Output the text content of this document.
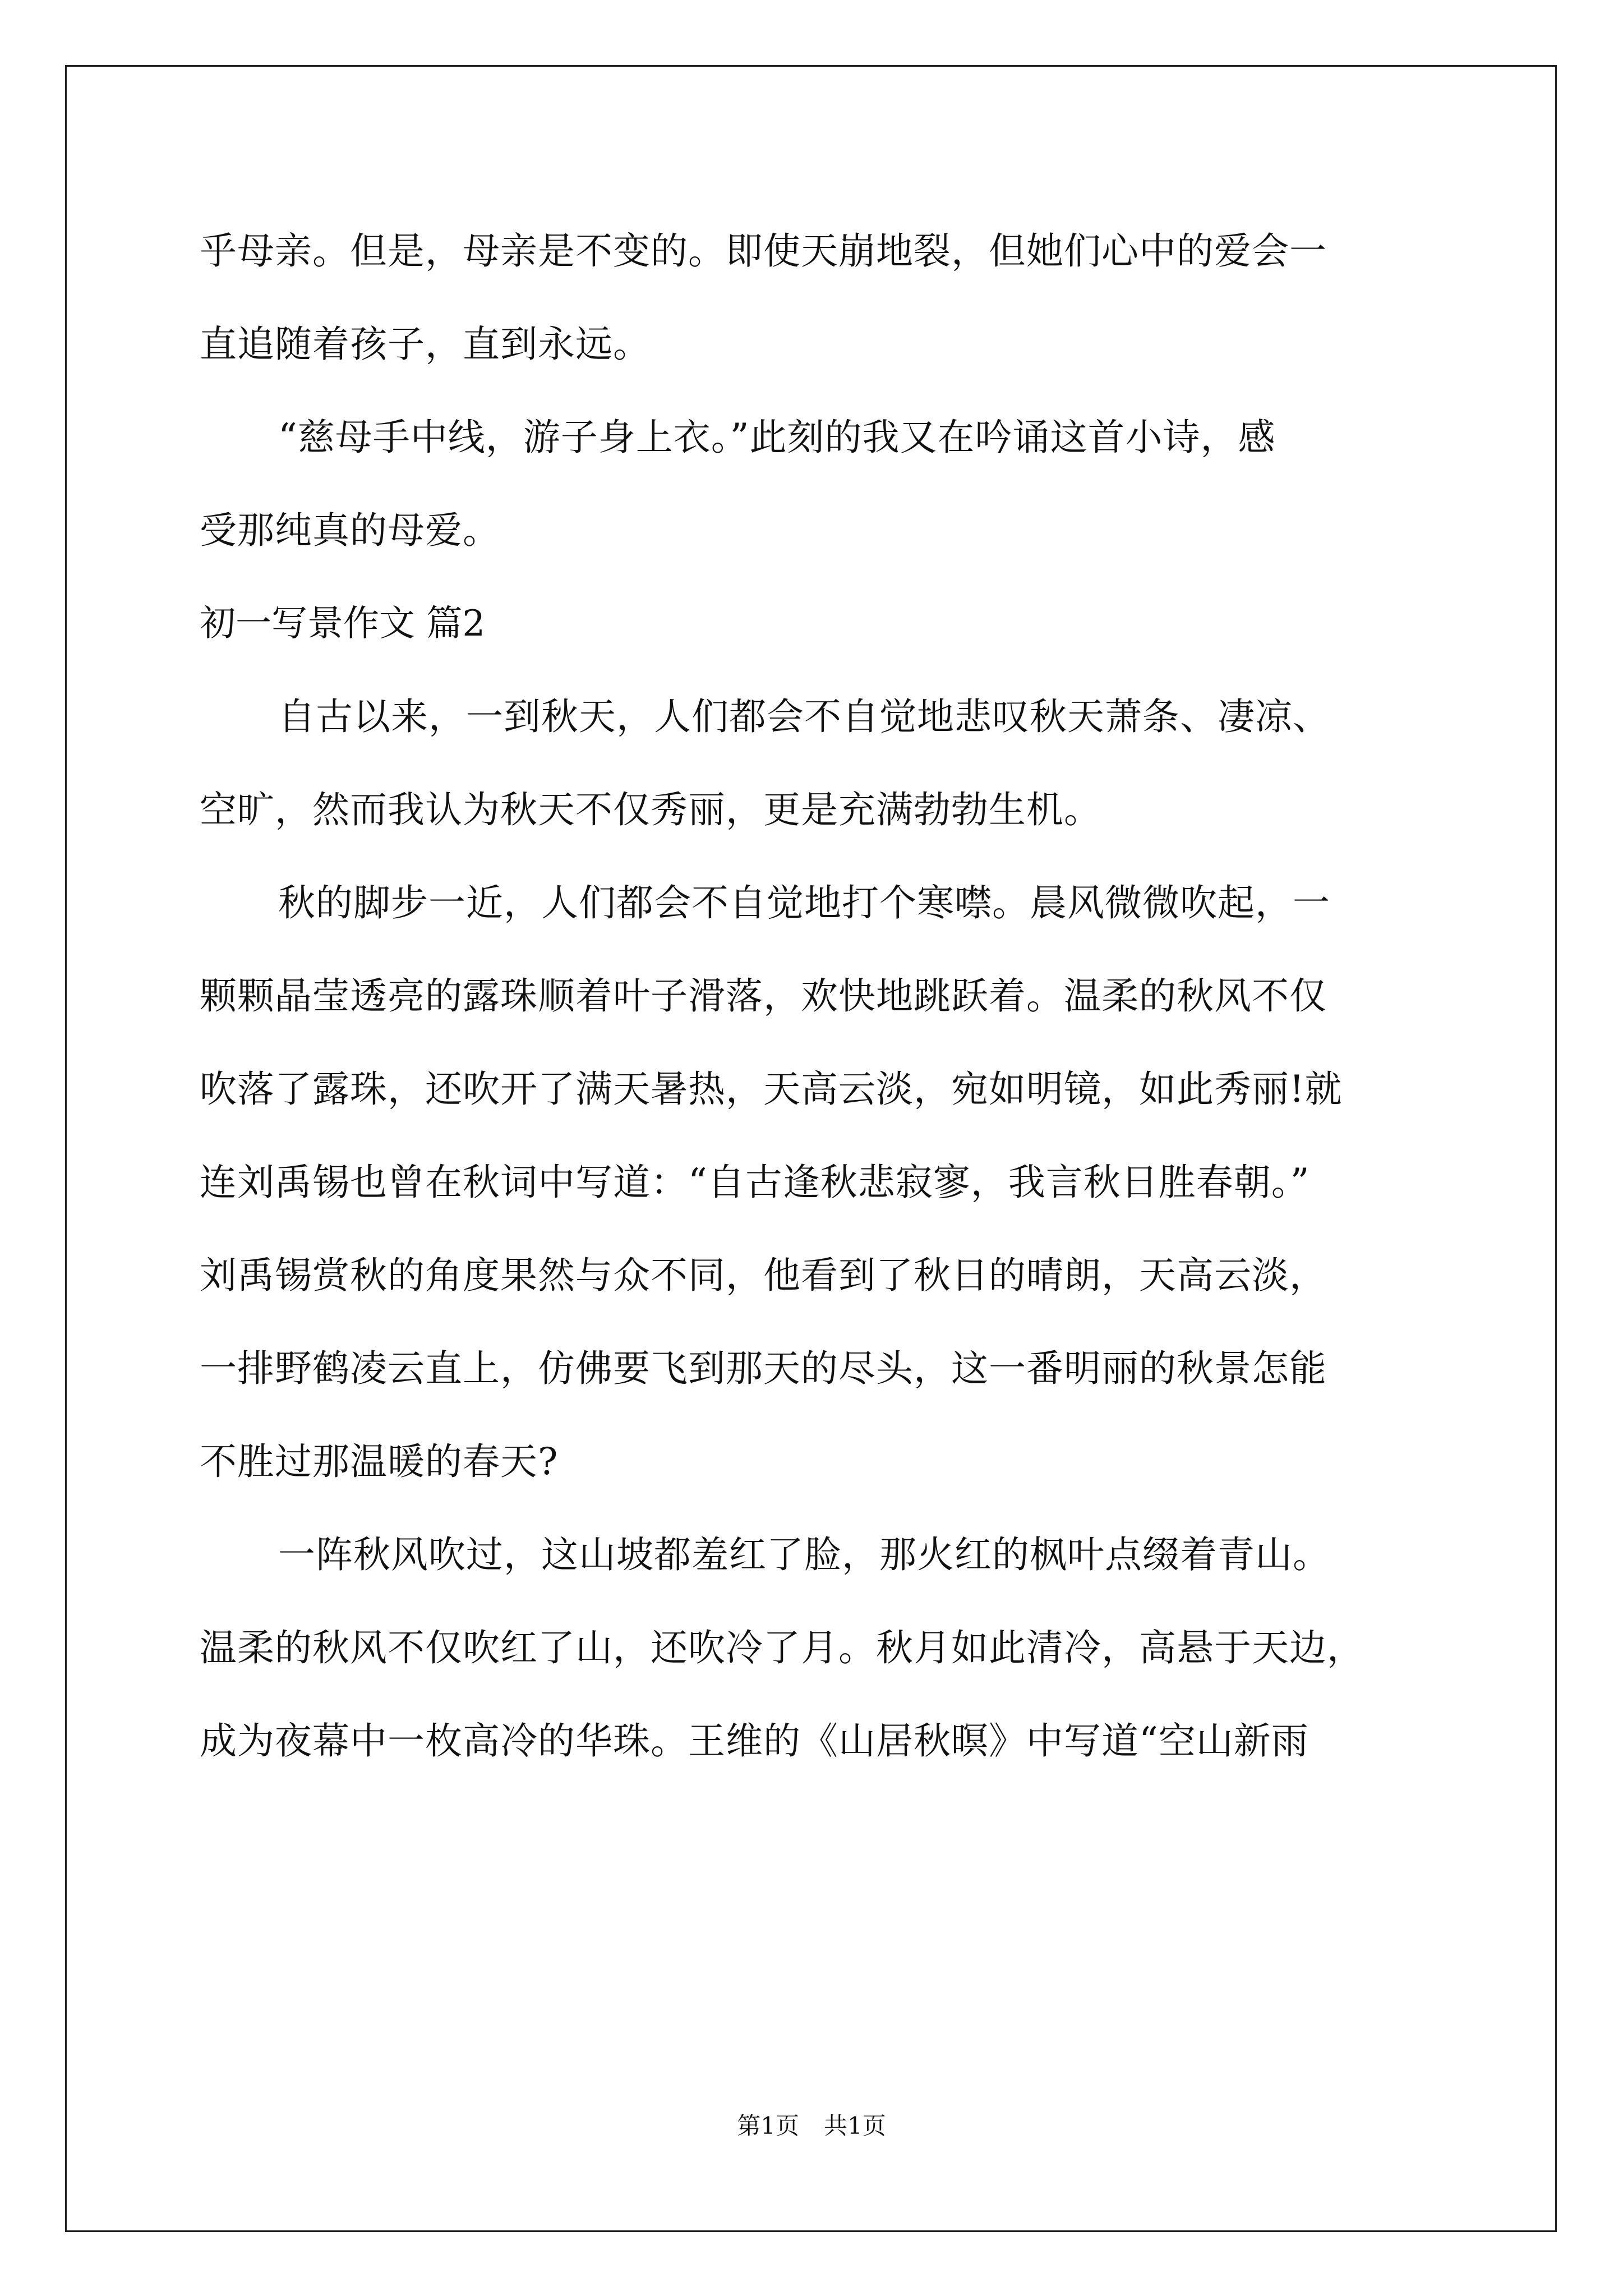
乎母亲。但是，母亲是不变的。即使天崩地裂，但她们心中的爱会一
直追随着孩子，直到永远。
“慈母手中线，游子身上衣。”此刻的我又在吟诵这首小诗，感
受那纯真的母爱。
初一写景作文 篇2
自古以来，一到秋天，人们都会不自觉地悲叹秋天萧条、凄凉、
空旷，然而我认为秋天不仅秀丽，更是充满勃勃生机。
秋的脚步一近，人们都会不自觉地打个寒噤。晨风微微吹起，一
颗颗晶莹透亮的露珠顺着叶子滑落，欢快地跳跃着。温柔的秋风不仅
吹落了露珠，还吹开了满天暑热，天高云淡，宛如明镜，如此秀丽!就
连刘禹锡也曾在秋词中写道：“自古逢秋悲寂寥，我言秋日胜春朝。”
刘禹锡赏秋的角度果然与众不同，他看到了秋日的晴朗，天高云淡，
一排野鹤凌云直上，仿佛要飞到那天的尽头，这一番明丽的秋景怎能
不胜过那温暖的春天?
一阵秋风吹过，这山坡都羞红了脸，那火红的枫叶点缀着青山。
温柔的秋风不仅吹红了山，还吹冷了月。秋月如此清冷，高悬于天边，
成为夜幕中一枚高冷的华珠。王维的《山居秋暝》中写道“空山新雨
第1页 共1页
